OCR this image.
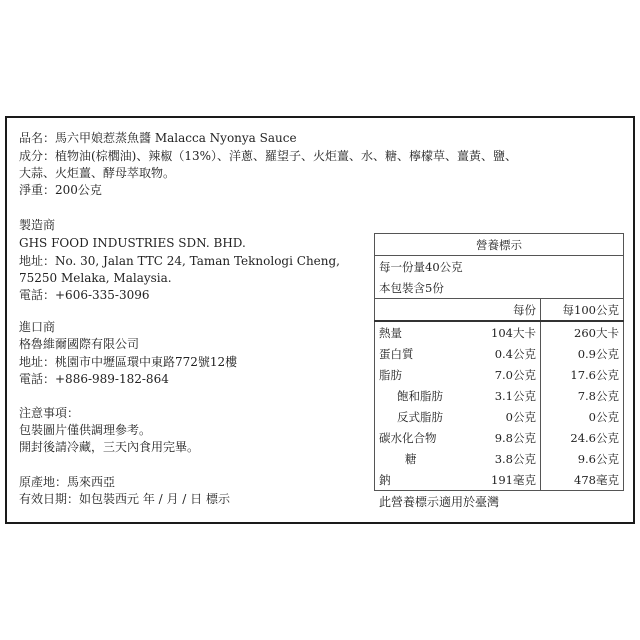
品名：馬六甲娘惹蒸魚醬 Malacca Nyonya Sauce
成分：植物油(棕櫚油)、辣椒（13%）、洋蔥、羅望子、火炬薑、水、糖、檸檬草、薑黃、鹽、
大蒜、火炬薑、酵母萃取物。
淨重：200公克
製造商
GHS FOOD INDUSTRIES SDN. BHD.
地址：No. 30, Jalan TTC 24, Taman Teknologi Cheng,
75250 Melaka, Malaysia.
電話：+606-335-3096
進口商
格魯維爾國際有限公司
地址：桃園市中壢區環中東路772號12樓
電話：+886-989-182-864
注意事項：
包裝圖片僅供調理參考。
開封後請冷藏，三天內食用完畢。
原產地：馬來西亞
有效日期：如包裝西元 年 / 月 / 日 標示
營養標示		
每一份量40公克		
本包裝含5份		
	每份	每100公克
熱量	104大卡	260大卡
蛋白質	0.4公克	0.9公克
脂肪	7.0公克	17.6公克
飽和脂肪	3.1公克	7.8公克
反式脂肪	0公克	0公克
碳水化合物	9.8公克	24.6公克
糖	3.8公克	9.6公克
鈉	191毫克	478毫克
此營養標示適用於臺灣
